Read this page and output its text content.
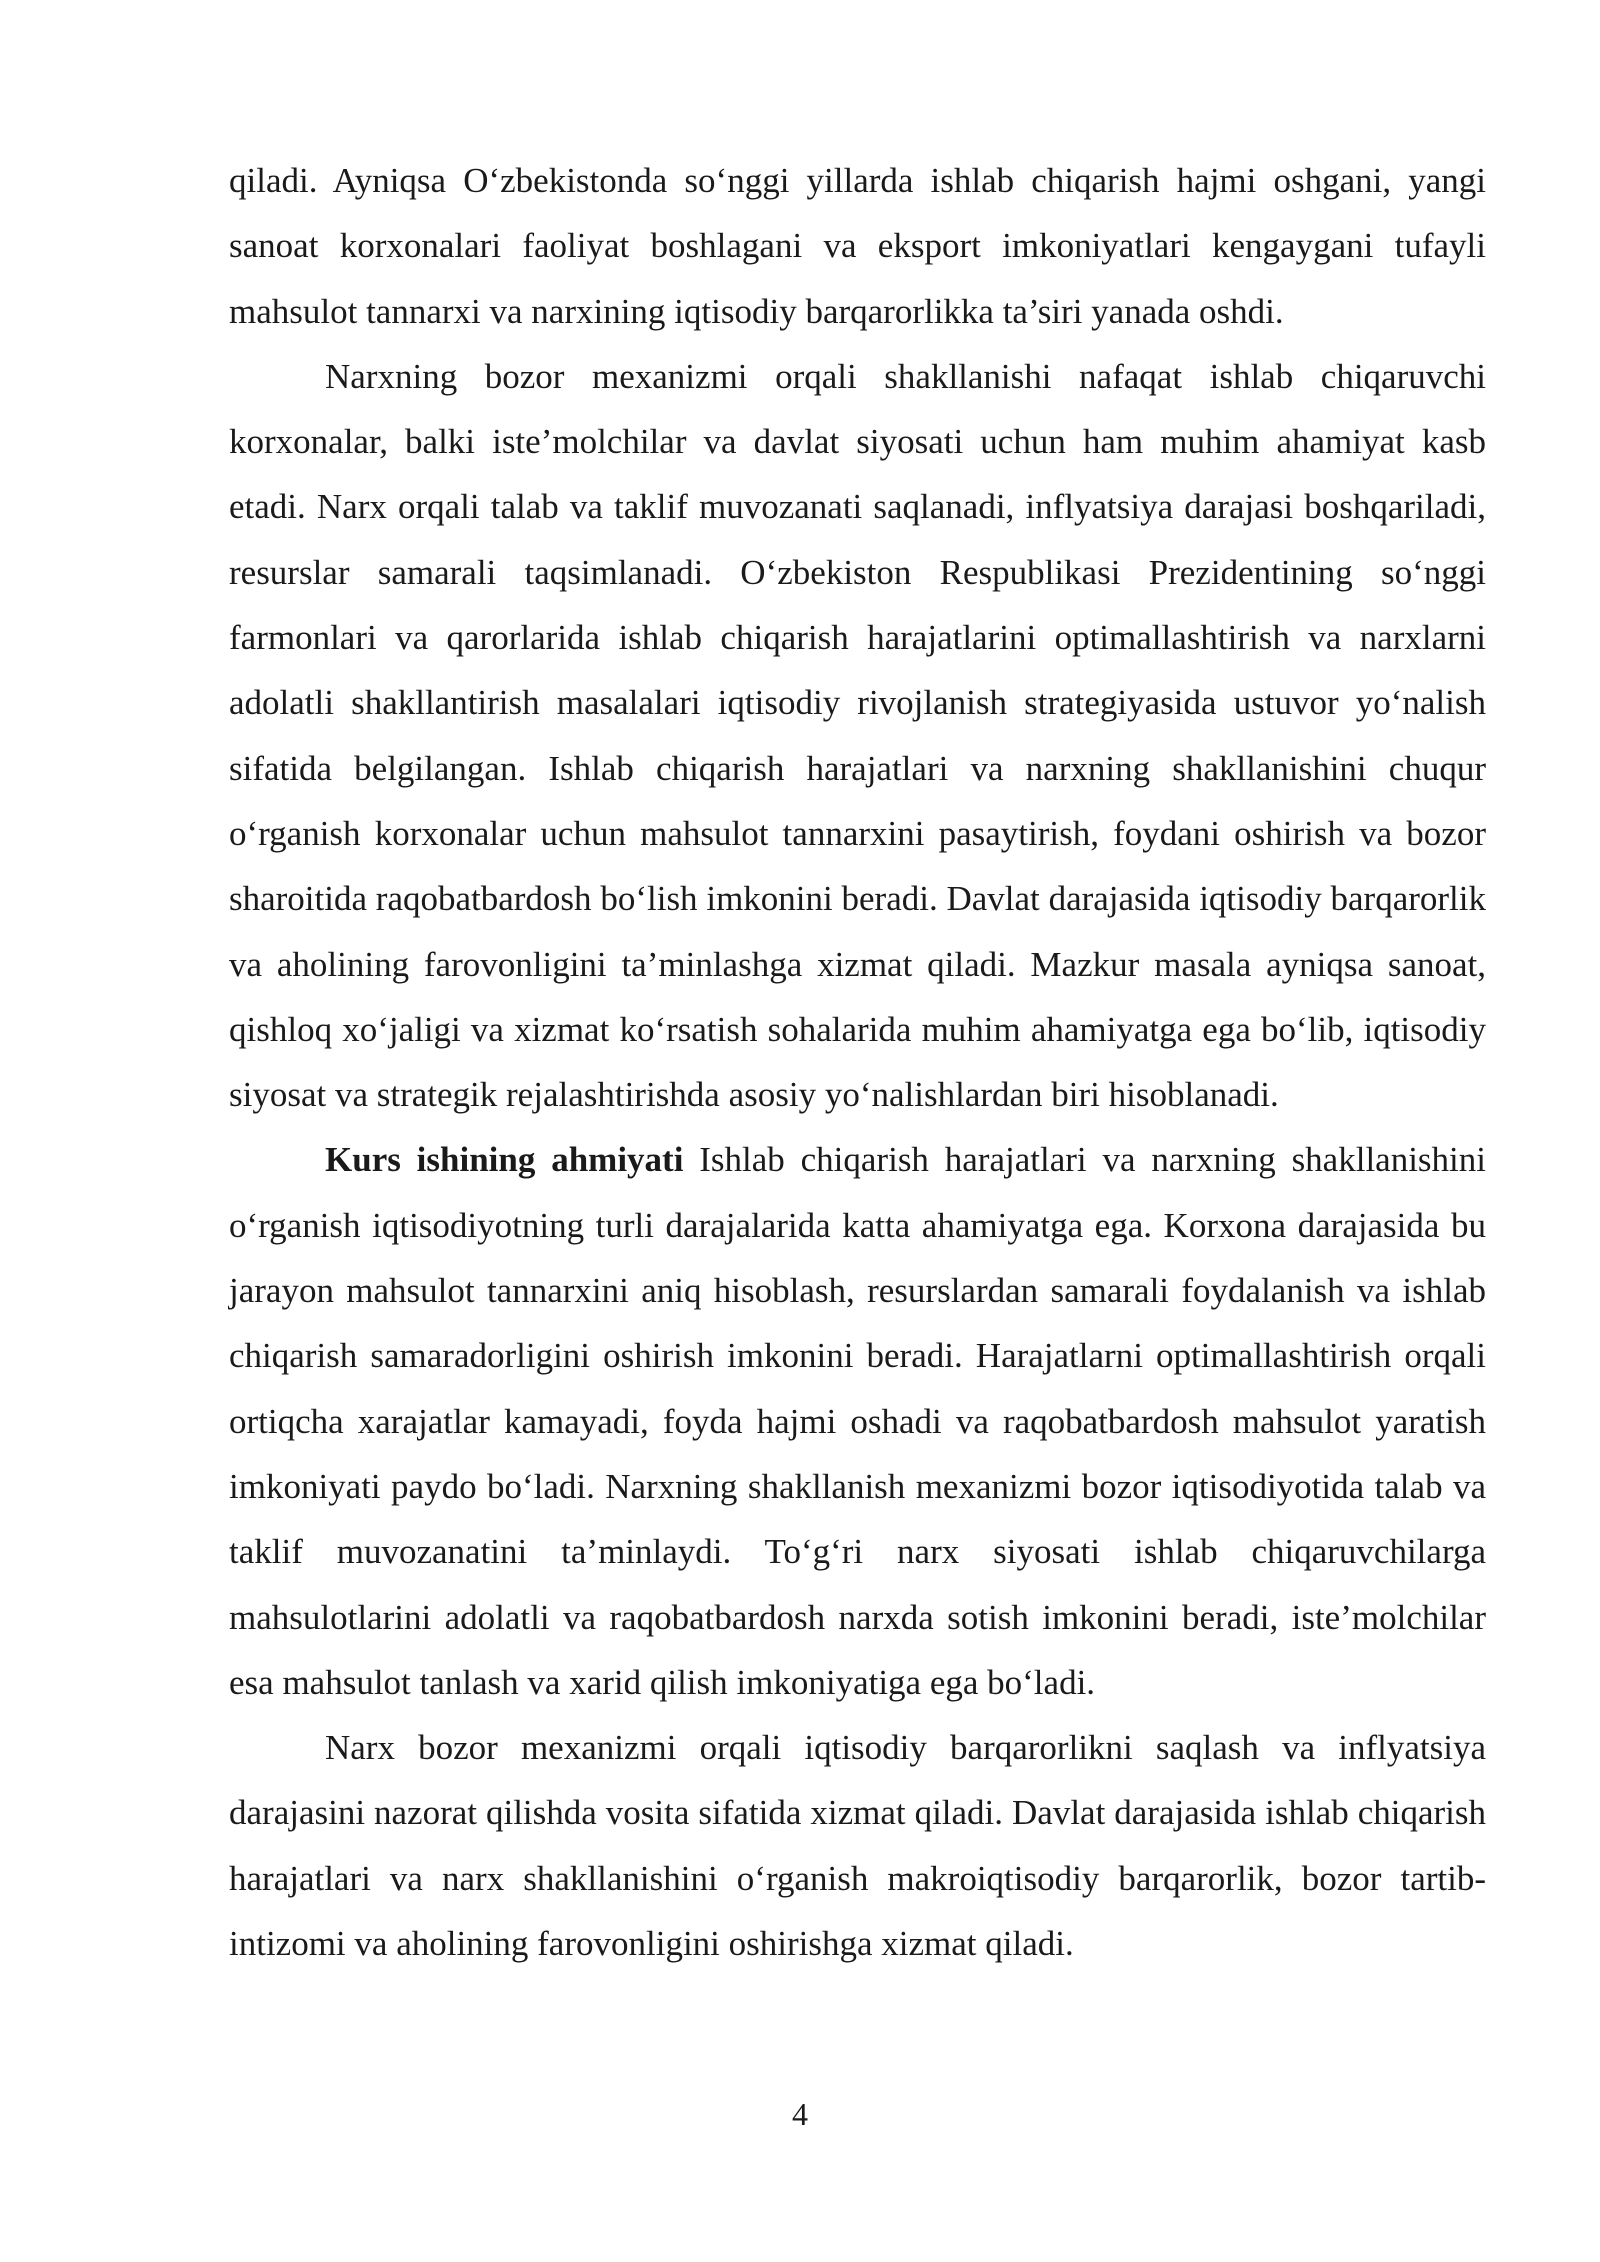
qiladi. Ayniqsa O‘zbekistonda so‘nggi yillarda ishlab chiqarish hajmi oshgani, yangi sanoat korxonalari faoliyat boshlagani va eksport imkoniyatlari kengaygani tufayli mahsulot tannarxi va narxining iqtisodiy barqarorlikka ta’siri yanada oshdi.

Narxning bozor mexanizmi orqali shakllanishi nafaqat ishlab chiqaruvchi korxonalar, balki iste’molchilar va davlat siyosati uchun ham muhim ahamiyat kasb etadi. Narx orqali talab va taklif muvozanati saqlanadi, inflyatsiya darajasi boshqariladi, resurslar samarali taqsimlanadi. O‘zbekiston Respublikasi Prezidentining so‘nggi farmonlari va qarorlarida ishlab chiqarish harajatlarini optimallashtirish va narxlarni adolatli shakllantirish masalalari iqtisodiy rivojlanish strategiyasida ustuvor yo‘nalish sifatida belgilangan. Ishlab chiqarish harajatlari va narxning shakllanishini chuqur o‘rganish korxonalar uchun mahsulot tannarxini pasaytirish, foydani oshirish va bozor sharoitida raqobatbardosh bo‘lish imkonini beradi. Davlat darajasida iqtisodiy barqarorlik va aholining farovonligini ta’minlashga xizmat qiladi. Mazkur masala ayniqsa sanoat, qishloq xo‘jaligi va xizmat ko‘rsatish sohalarida muhim ahamiyatga ega bo‘lib, iqtisodiy siyosat va strategik rejalashtirishda asosiy yo‘nalishlardan biri hisoblanadi.

Kurs ishining ahmiyati Ishlab chiqarish harajatlari va narxning shakllanishini o‘rganish iqtisodiyotning turli darajalarida katta ahamiyatga ega. Korxona darajasida bu jarayon mahsulot tannarxini aniq hisoblash, resurslardan samarali foydalanish va ishlab chiqarish samaradorligini oshirish imkonini beradi. Harajatlarni optimallashtirish orqali ortiqcha xarajatlar kamayadi, foyda hajmi oshadi va raqobatbardosh mahsulot yaratish imkoniyati paydo bo‘ladi. Narxning shakllanish mexanizmi bozor iqtisodiyotida talab va taklif muvozanatini ta’minlaydi. To‘g‘ri narx siyosati ishlab chiqaruvchilarga mahsulotlarini adolatli va raqobatbardosh narxda sotish imkonini beradi, iste’molchilar esa mahsulot tanlash va xarid qilish imkoniyatiga ega bo‘ladi.

Narx bozor mexanizmi orqali iqtisodiy barqarorlikni saqlash va inflyatsiya darajasini nazorat qilishda vosita sifatida xizmat qiladi. Davlat darajasida ishlab chiqarish harajatlari va narx shakllanishini o‘rganish makroiqtisodiy barqarorlik, bozor tartib-intizomi va aholining farovonligini oshirishga xizmat qiladi.

4
